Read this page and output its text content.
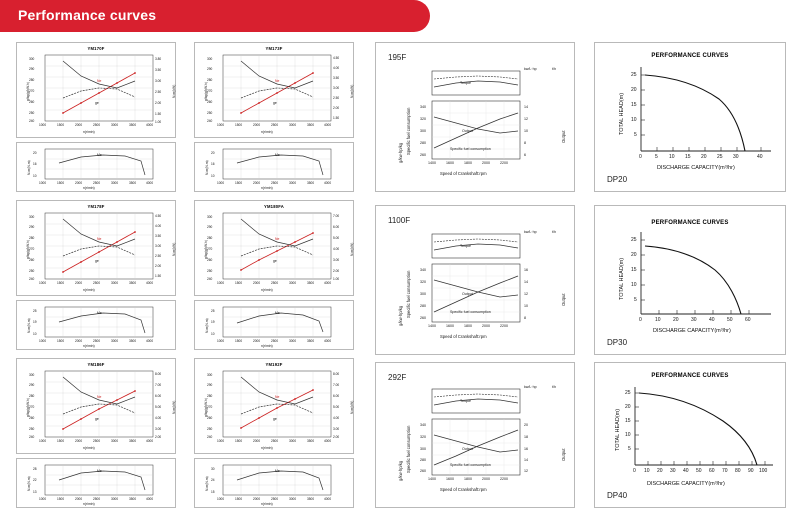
Performance curves
YM170F
300
290
280
270
260
250
240
3.80
3.50
3.00
2.50
2.00
1.50
1.00
1000	1500	2000	2500	3000	3500	4000
n(r/min)
g/kg(g/kW.h)	N.m(kW)
Ne
ge
20
16
10
1000	1500	2000	2500	3000	3500	4000
n(r/min)
N.m(N.m)
Me
YM178F
300
290
280
270
260
250
240
4.50
4.00
3.50
3.00
2.50
2.00
1.50
1000	1500	2000	2500	3000	3500	4000
n(r/min)
g/kg(g/kW.h)	N.m(kW)
Ne
ge
25
19
10
1000	1500	2000	2500	3000	3500	4000
n(r/min)
N.m(N.m)
Me
YM186F
300
290
280
270
260
250
240
8.00
7.00
6.00
5.00
4.00
3.00
2.00
1000	1500	2000	2500	3000	3500	4000
n(r/min)
g/kg(g/kW.h)	N.m(kW)
Ne
ge
28
22
13
1000	1500	2000	2500	3000	3500	4000
n(r/min)
N.m(N.m)
Me
YM173F
300
290
280
270
260
250
240
4.50
4.00
3.50
3.00
2.50
2.00
1.50
1000	1500	2000	2500	3000	3500	4000
n(r/min)
g/kg(g/kW.h)	N.m(kW)
Ne
ge
20
16
10
1000	1500	2000	2500	3000	3500	4000
n(r/min)
N.m(N.m)
Me
YM180FA
300
290
280
270
260
250
240
7.00
6.00
5.00
4.00
3.00
2.00
1.00
1000	1500	2000	2500	3000	3500	4000
n(r/min)
g/kg(g/kW.h)	N.m(kW)
Ne
ge
25
19
10
1000	1500	2000	2500	3000	3500	4000
n(r/min)
N.m(N.m)
Me
YM192F
300
290
280
270
260
250
240
8.00
7.00
6.00
5.00
4.00
3.00
2.00
1000	1500	2000	2500	3000	3500	4000
n(r/min)
g/kg(g/kW.h)	N.m(kW)
Ne
ge
30
24
15
1000	1500	2000	2500	3000	3500	4000
n(r/min)
N.m(N.m)
Me
195F
kw/L·hp	t/h
Torque
Output
Specific fuel consumption
Specific fuel consumption
g/kw·hp/kg
Output
Speed of Crankshaft:rpm
340
320
300
280
260
14
12
10
8
6
1400	1600	1800	2000	2200
1100F
kw/L·hp	t/h
Torque
Output
Specific fuel consumption
Specific fuel consumption
g/kw·hp/kg
Output
Speed of Crankshaft:rpm
340
320
300
280
260
16
14
12
10
8
1400	1600	1800	2000	2200
292F
kw/L·hp	t/h
Torque
Output
Specific fuel consumption
Specific fuel consumption
g/kw·hp/kg
Output
Speed of Crankshaft:rpm
340
320
300
280
260
20
18
16
14
12
1400	1600	1800	2000	2200
PERFORMANCE CURVES
25
20
15
10
5
0	5 10 15 20 25 30	40
DISCHARGE CAPACITY(m³/hr)
TOTAL HEAD(m)
DP20
PERFORMANCE CURVES
25
20
15
10
5
0	10 20 30 40 50 60
DISCHARGE CAPACITY(m³/hr)
TOTAL HEAD(m)
DP30
PERFORMANCE CURVES
25
20
15
10
5
0 10 20 30 40 50 60 70 80 90 100
DISCHARGE CAPACITY(m³/hr)
TOTAL HEAD(m)
DP40
